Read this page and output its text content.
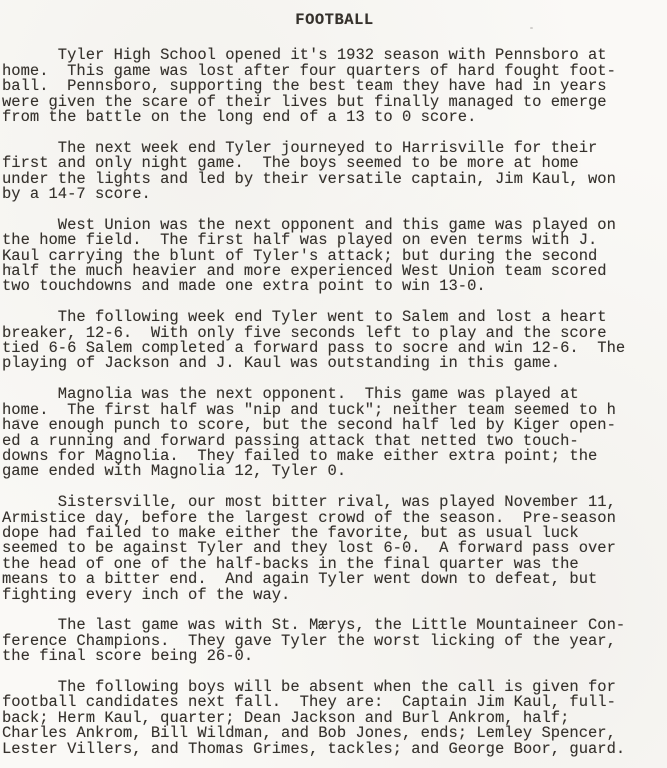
FOOTBALL
Tyler High School opened it's 1932 season with Pennsboro at
home.  This game was lost after four quarters of hard fought foot-
ball.  Pennsboro, supporting the best team they have had in years
were given the scare of their lives but finally managed to emerge
from the battle on the long end of a 13 to 0 score.
The next week end Tyler journeyed to Harrisville for their
first and only night game.  The boys seemed to be more at home
under the lights and led by their versatile captain, Jim Kaul, won
by a 14-7 score.
West Union was the next opponent and this game was played on
the home field.  The first half was played on even terms with J.
Kaul carrying the blunt of Tyler's attack; but during the second
half the much heavier and more experienced West Union team scored
two touchdowns and made one extra point to win 13-0.
The following week end Tyler went to Salem and lost a heart
breaker, 12-6.  With only five seconds left to play and the score
tied 6-6 Salem completed a forward pass to socre and win 12-6.  The
playing of Jackson and J. Kaul was outstanding in this game.
Magnolia was the next opponent.  This game was played at
home.  The first half was "nip and tuck"; neither team seemed to h
have enough punch to score, but the second half led by Kiger open-
ed a running and forward passing attack that netted two touch-
downs for Magnolia.  They failed to make either extra point; the
game ended with Magnolia 12, Tyler 0.
Sistersville, our most bitter rival, was played November 11,
Armistice day, before the largest crowd of the season.  Pre-season
dope had failed to make either the favorite, but as usual luck
seemed to be against Tyler and they lost 6-0.  A forward pass over
the head of one of the half-backs in the final quarter was the
means to a bitter end.  And again Tyler went down to defeat, but
fighting every inch of the way.
The last game was with St. Mærys, the Little Mountaineer Con-
ference Champions.  They gave Tyler the worst licking of the year,
the final score being 26-0.
The following boys will be absent when the call is given for
football candidates next fall.  They are:  Captain Jim Kaul, full-
back; Herm Kaul, quarter; Dean Jackson and Burl Ankrom, half;
Charles Ankrom, Bill Wildman, and Bob Jones, ends; Lemley Spencer,
Lester Villers, and Thomas Grimes, tackles; and George Boor, guard.
